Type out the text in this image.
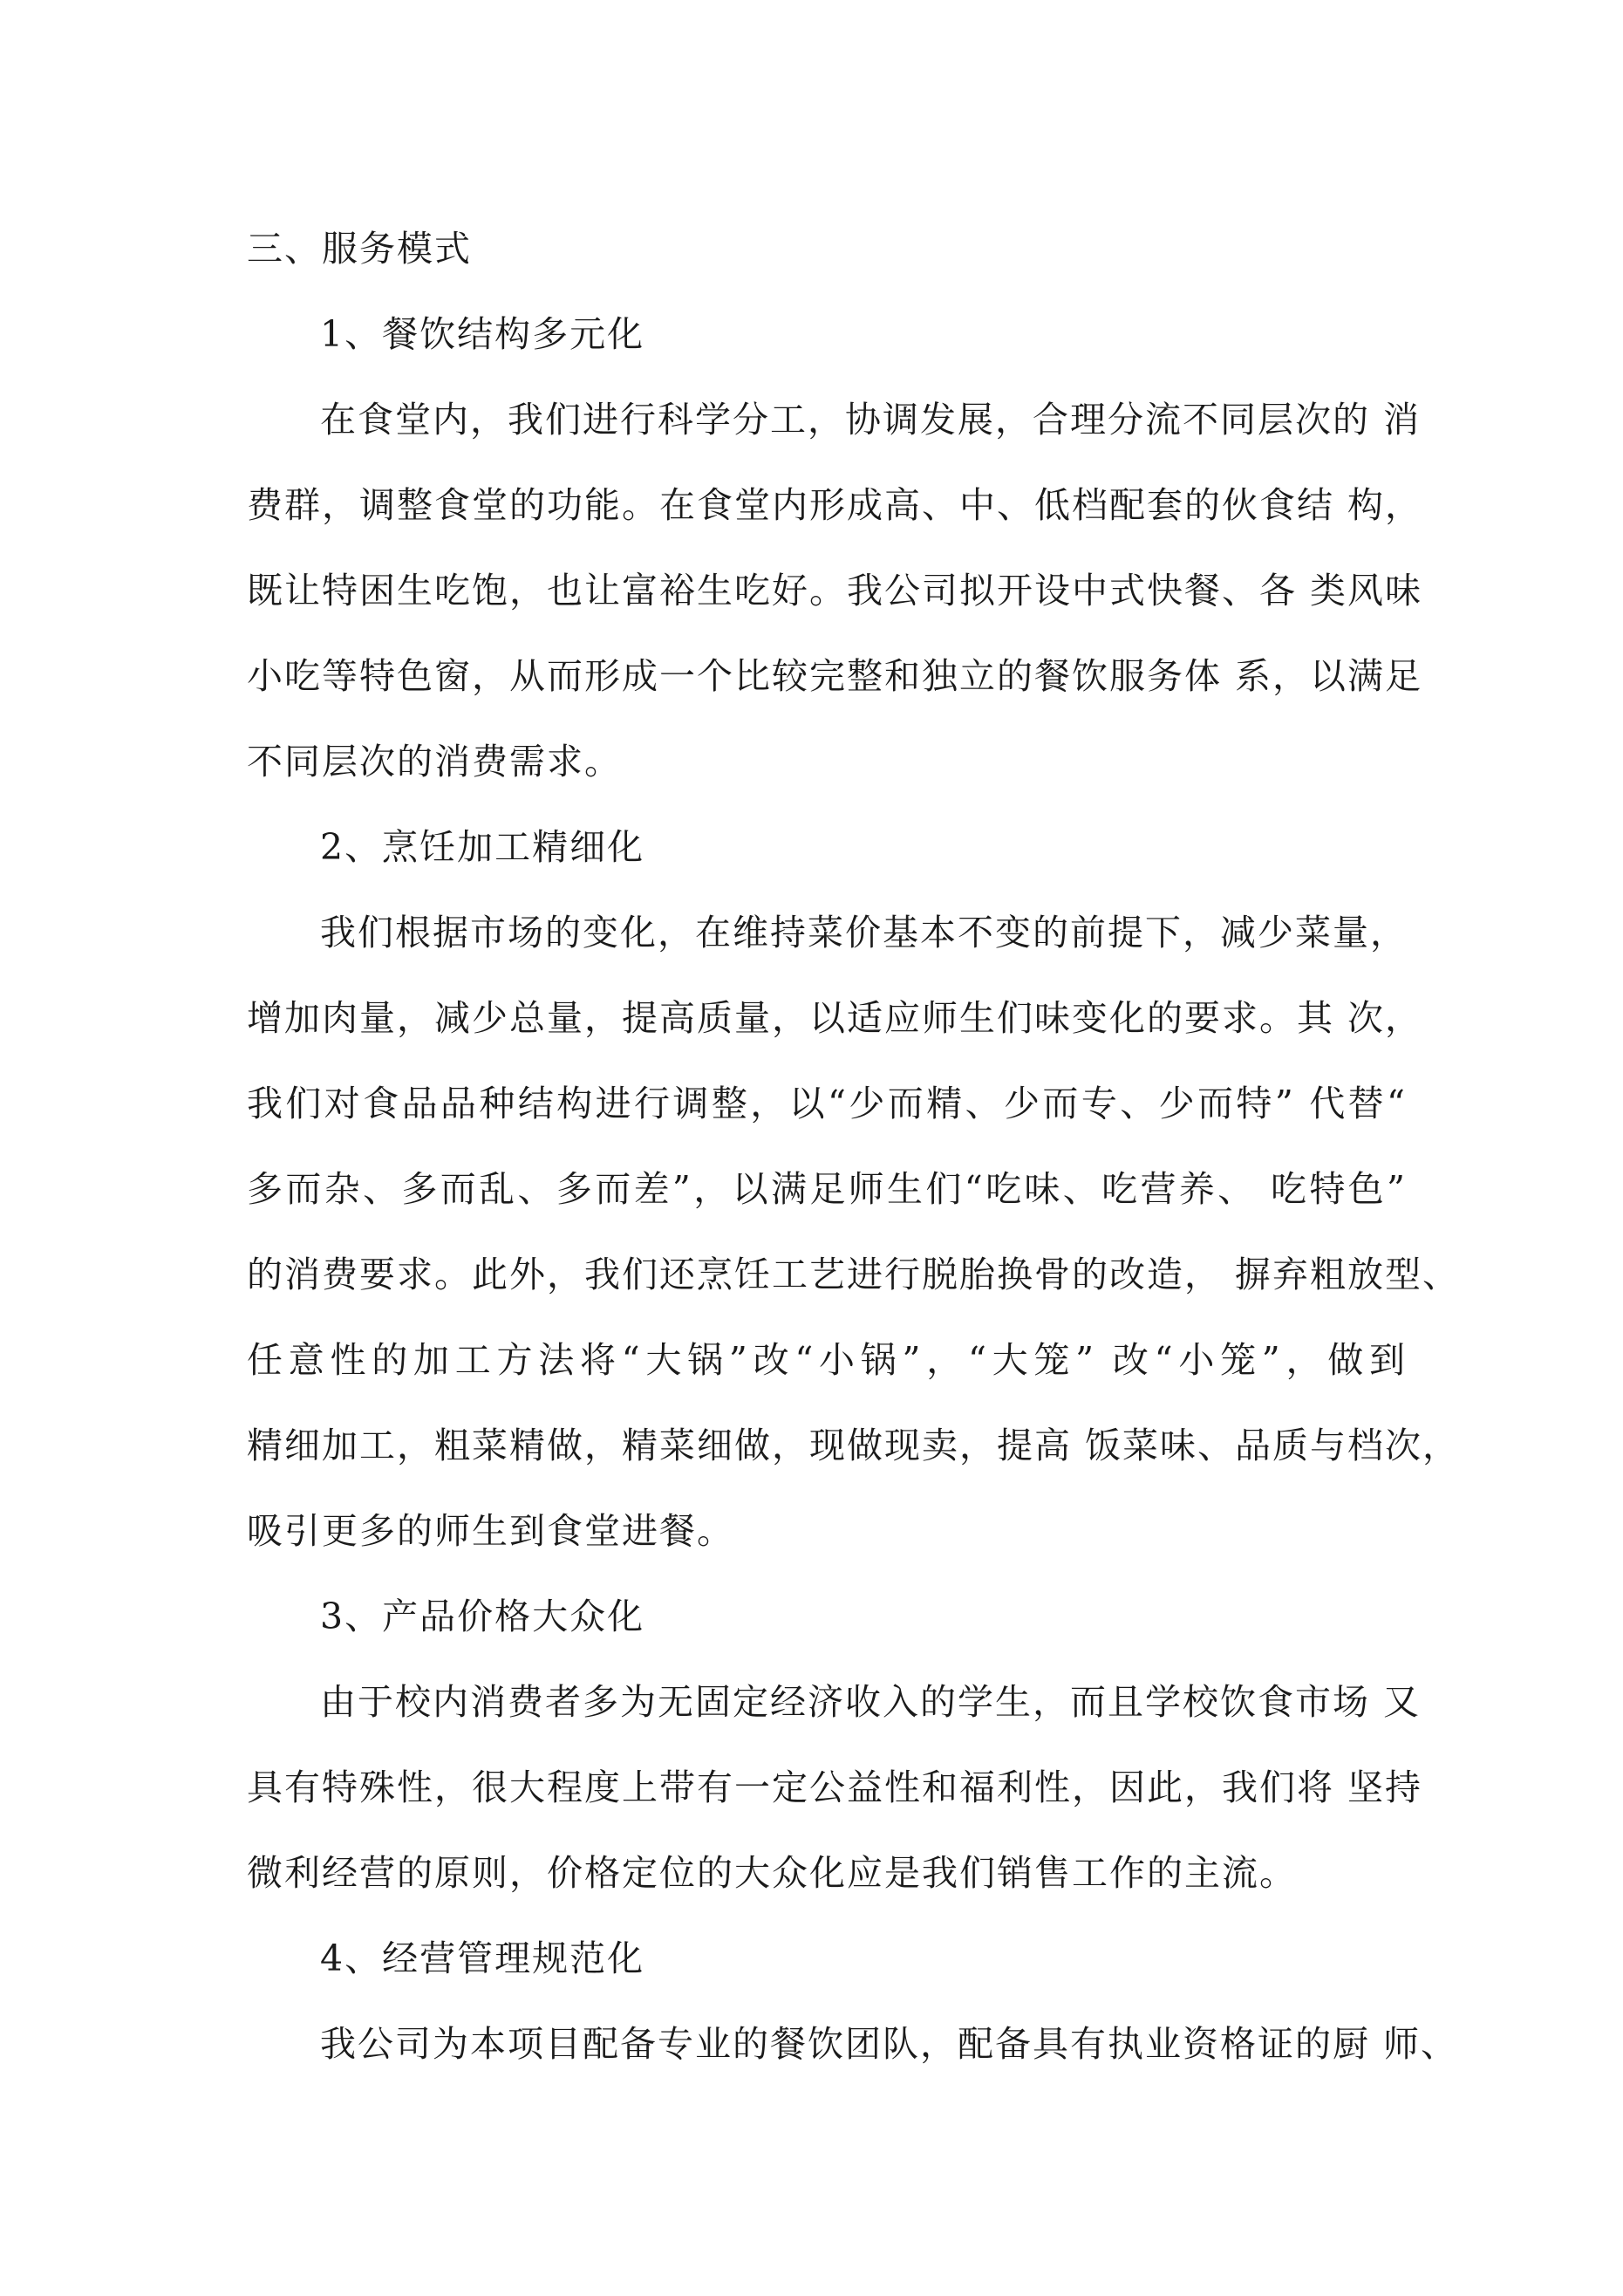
三、服务模式
1、餐饮结构多元化
在食堂内，我们进行科学分工，协调发展，合理分流不同层次的 消
费群，调整食堂的功能。在食堂内形成高、中、低档配套的伙食结 构，
既让特困生吃饱，也让富裕生吃好。我公司拟开设中式快餐、各 类风味
小吃等特色窗，从而形成一个比较完整和独立的餐饮服务体 系，以满足
不同层次的消费需求。
2、烹饪加工精细化
我们根据市场的变化，在维持菜价基本不变的前提下，减少菜量，
增加肉量，减少总量，提高质量，以适应师生们味变化的要求。其 次，
我们对食品品种结构进行调整，以“少而精、少而专、少而特” 代替“
多而杂、多而乱、多而差”，以满足师生们“吃味、吃营养、 吃特色”
的消费要求。此外，我们还烹饪工艺进行脱胎换骨的改造， 摒弃粗放型、
任意性的加工方法将“大锅”改“小锅”，“大笼” 改“小笼”，做到
精细加工，粗菜精做，精菜细做，现做现卖，提高 饭菜味、品质与档次，
吸引更多的师生到食堂进餐。
3、产品价格大众化
由于校内消费者多为无固定经济收入的学生，而且学校饮食市场 又
具有特殊性，很大程度上带有一定公益性和福利性，因此，我们将 坚持
微利经营的原则，价格定位的大众化应是我们销售工作的主流。
4、经营管理规范化
我公司为本项目配备专业的餐饮团队，配备具有执业资格证的厨 师、
